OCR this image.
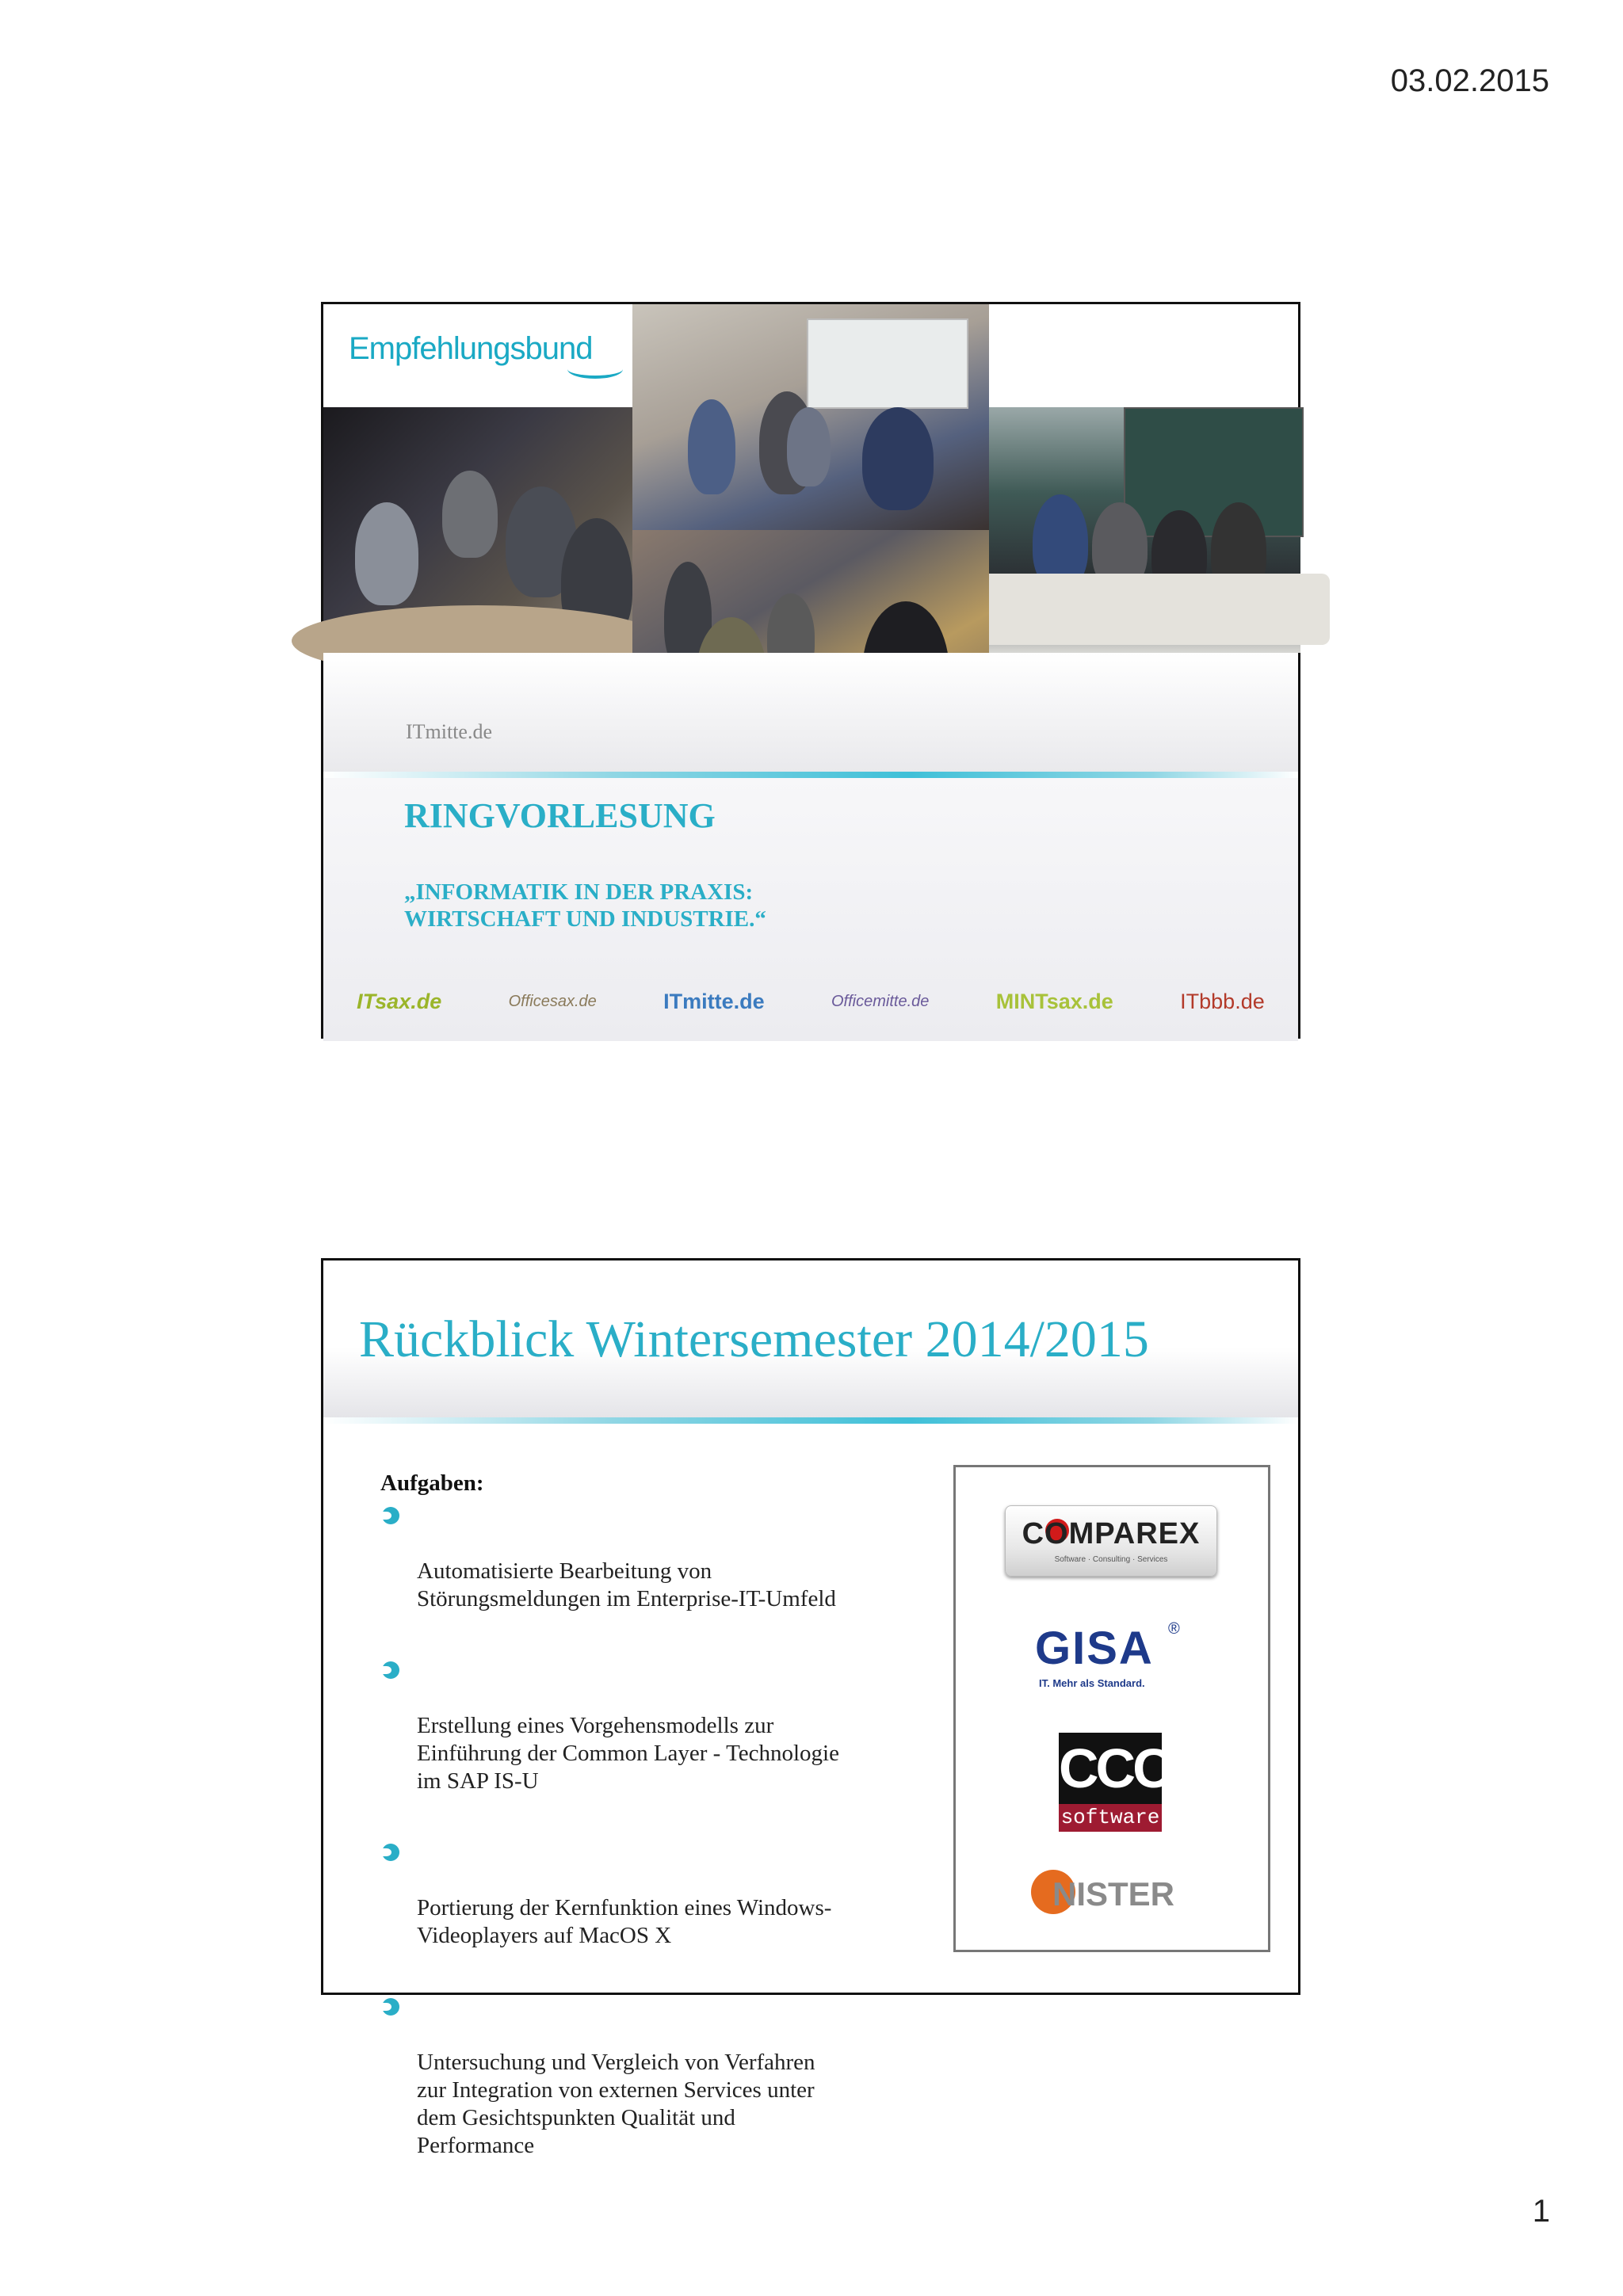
03.02.2015
Empfehlungsbund
ITmitte.de
RINGVORLESUNG
„INFORMATIK IN DER PRAXIS:
WIRTSCHAFT UND INDUSTRIE.“
ITsax.de	Officesax.de	ITmitte.de	Officemitte.de	MINTsax.de	ITbbb.de
Rückblick Wintersemester 2014/2015
Aufgaben:

Automatisierte Bearbeitung von
Störungsmeldungen im Enterprise-IT-Umfeld

Erstellung eines Vorgehensmodells zur
Einführung der Common Layer - Technologie
im SAP IS-U

Portierung der Kernfunktion eines Windows-
Videoplayers auf MacOS X

Untersuchung und Vergleich von Verfahren
zur Integration von externen Services unter
dem Gesichtspunkten Qualität und
Performance

COMPAREX
Software · Consulting · Services
GISA ®
IT. Mehr als Standard.
CCC
software
NISTER
1
